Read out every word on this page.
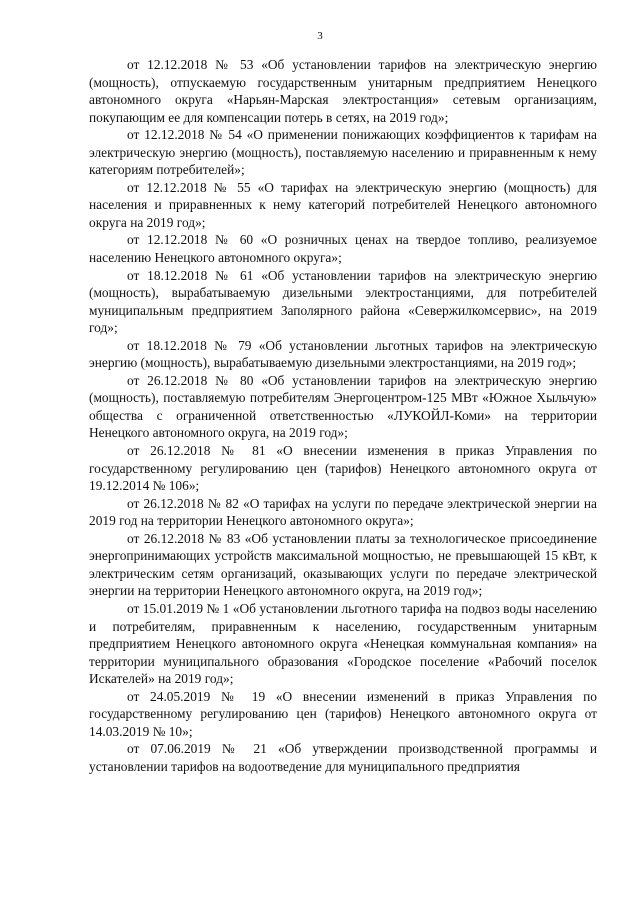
3

от 12.12.2018 № 53 «Об установлении тарифов на электрическую энергию (мощность), отпускаемую государственным унитарным предприятием Ненецкого автономного округа «Нарьян-Марская электростанция» сетевым организациям, покупающим ее для компенсации потерь в сетях, на 2019 год»;

от 12.12.2018 № 54 «О применении понижающих коэффициентов к тарифам на электрическую энергию (мощность), поставляемую населению и приравненным к нему категориям потребителей»;

от 12.12.2018 № 55 «О тарифах на электрическую энергию (мощность) для населения и приравненных к нему категорий потребителей Ненецкого автономного округа на 2019 год»;

от 12.12.2018 № 60 «О розничных ценах на твердое топливо, реализуемое населению Ненецкого автономного округа»;

от 18.12.2018 № 61 «Об установлении тарифов на электрическую энергию (мощность), вырабатываемую дизельными электростанциями, для потребителей муниципальным предприятием Заполярного района «Севержилкомсервис», на 2019 год»;

от 18.12.2018 № 79 «Об установлении льготных тарифов на электрическую энергию (мощность), вырабатываемую дизельными электростанциями, на 2019 год»;

от 26.12.2018 № 80 «Об установлении тарифов на электрическую энергию (мощность), поставляемую потребителям Энергоцентром-125 МВт «Южное Хыльчую» общества с ограниченной ответственностью «ЛУКОЙЛ-Коми» на территории Ненецкого автономного округа, на 2019 год»;

от 26.12.2018 № 81 «О внесении изменения в приказ Управления по государственному регулированию цен (тарифов) Ненецкого автономного округа от 19.12.2014 № 106»;

от 26.12.2018 № 82 «О тарифах на услуги по передаче электрической энергии на 2019 год на территории Ненецкого автономного округа»;

от 26.12.2018 № 83 «Об установлении платы за технологическое присоединение энергопринимающих устройств максимальной мощностью, не превышающей 15 кВт, к электрическим сетям организаций, оказывающих услуги по передаче электрической энергии на территории Ненецкого автономного округа, на 2019 год»;

от 15.01.2019 № 1 «Об установлении льготного тарифа на подвоз воды населению и потребителям, приравненным к населению, государственным унитарным предприятием Ненецкого автономного округа «Ненецкая коммунальная компания» на территории муниципального образования «Городское поселение «Рабочий поселок Искателей» на 2019 год»;

от 24.05.2019 № 19 «О внесении изменений в приказ Управления по государственному регулированию цен (тарифов) Ненецкого автономного округа от 14.03.2019 № 10»;

от 07.06.2019 № 21 «Об утверждении производственной программы и установлении тарифов на водоотведение для муниципального предприятия
